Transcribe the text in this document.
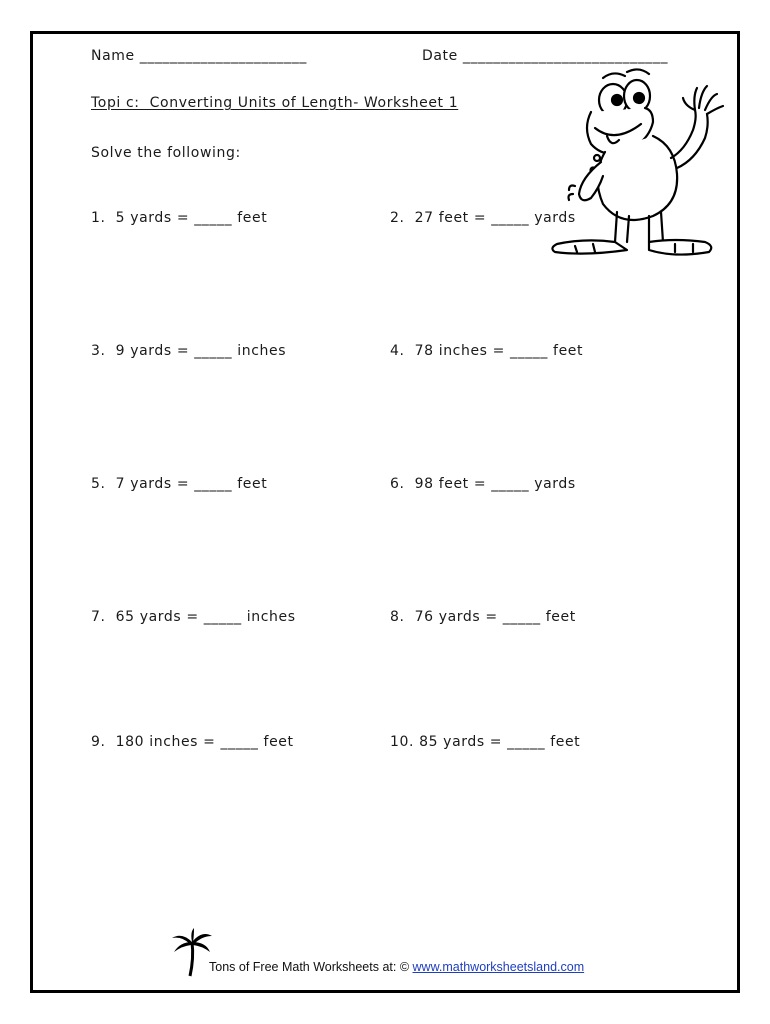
Name ______________________	Date ___________________________
Topi c:  Converting Units of Length- Worksheet 1
Solve the following:
1.  5 yards = _____ feet	2.  27 feet = _____ yards
3.  9 yards = _____ inches	4.  78 inches = _____ feet
5.  7 yards = _____ feet	6.  98 feet = _____ yards
7.  65 yards = _____ inches	8.  76 yards = _____ feet
9.  180 inches = _____ feet	10. 85 yards = _____ feet
Tons of Free Math Worksheets at: © www.mathworksheetsland.com
